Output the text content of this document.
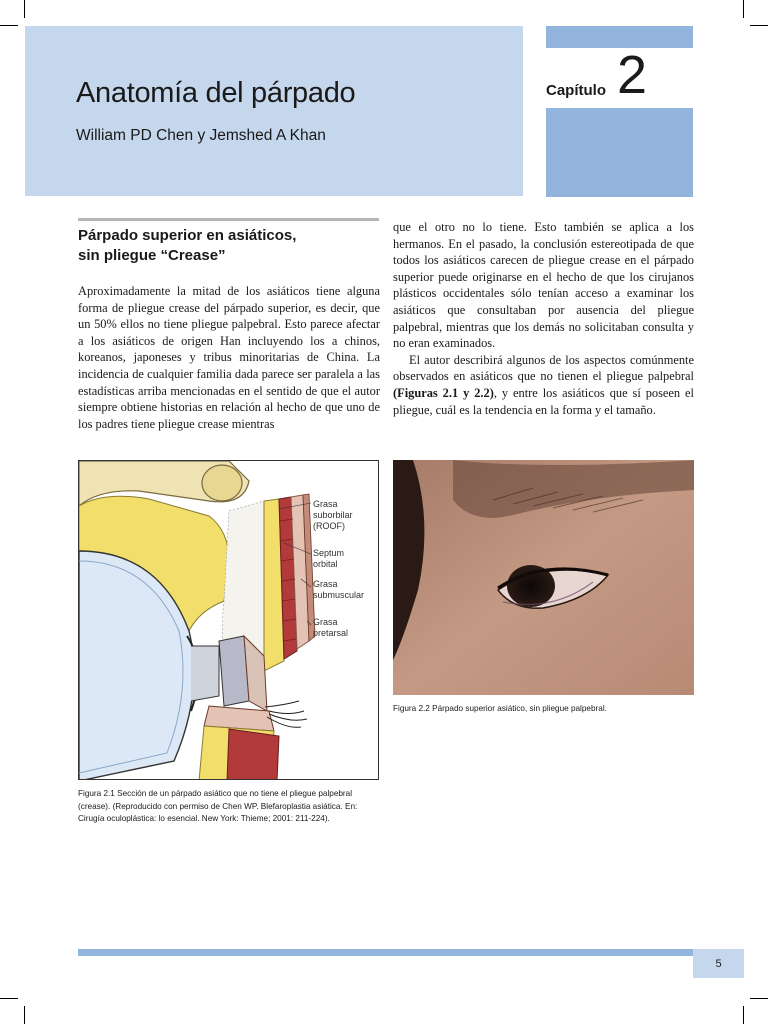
Anatomía del párpado
William PD Chen y Jemshed A Khan
Capítulo 2
Párpado superior en asiáticos,
sin pliegue “Crease”

Aproximadamente la mitad de los asiáticos tiene alguna forma de pliegue crease del párpado superior, es decir, que un 50% ellos no tiene pliegue palpebral. Esto parece afectar a los asiáticos de origen Han incluyendo los a chinos, koreanos, japoneses y tribus minoritarias de China. La incidencia de cualquier familia dada parece ser paralela a las estadísticas arriba mencionadas en el sentido de que el autor siempre obtiene historias en relación al hecho de que uno de los padres tiene pliegue crease mientras

que el otro no lo tiene. Esto también se aplica a los hermanos. En el pasado, la conclusión estereotipada de que todos los asiáticos carecen de pliegue crease en el párpado superior puede originarse en el hecho de que los cirujanos plásticos occidentales sólo tenían acceso a examinar los asiáticos que consultaban por ausencia del pliegue palpebral, mientras que los demás no solicitaban consulta y no eran examinados.

El autor describirá algunos de los aspectos comúnmente observados en asiáticos que no tienen el pliegue palpebral (Figuras 2.1 y 2.2), y entre los asiáticos que sí poseen el pliegue, cuál es la tendencia en la forma y el tamaño.

Grasa
suborbilar
(ROOF)
Septum
orbital
Grasa
submuscular
Grasa
pretarsal
Figura 2.1 Sección de un párpado asiático que no tiene el pliegue palpebral (crease). (Reproducido con permiso de Chen WP. Blefaroplastia asiática. En: Cirugía oculoplástica: lo esencial. New York: Thieme; 2001: 211-224).
Figura 2.2 Párpado superior asiático, sin pliegue palpebral.
5
